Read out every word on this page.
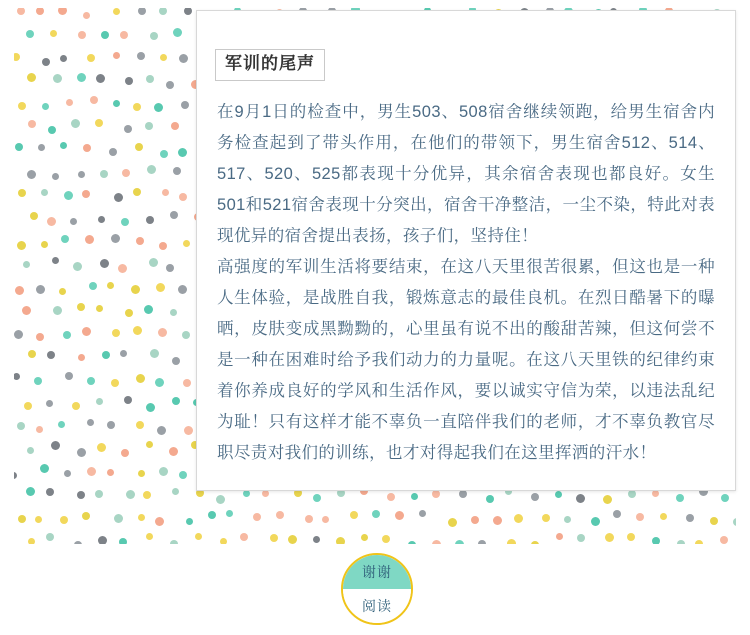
军训的尾声

在9月1日的检查中，男生503、508宿舍继续领跑，给男生宿舍内务检查起到了带头作用，在他们的带领下，男生宿舍512、514、517、520、525都表现十分优异，其余宿舍表现也都良好。女生501和521宿舍表现十分突出，宿舍干净整洁，一尘不染，特此对表现优异的宿舍提出表扬，孩子们，坚持住！

高强度的军训生活将要结束，在这八天里很苦很累，但这也是一种人生体验，是战胜自我，锻炼意志的最佳良机。在烈日酷暑下的曝晒，皮肤变成黑黝黝的，心里虽有说不出的酸甜苦辣，但这何尝不是一种在困难时给予我们动力的力量呢。在这八天里铁的纪律约束着你养成良好的学风和生活作风，要以诚实守信为荣，以违法乱纪为耻！只有这样才能不辜负一直陪伴我们的老师，才不辜负教官尽职尽责对我们的训练，也才对得起我们在这里挥洒的汗水！

谢谢
阅读
